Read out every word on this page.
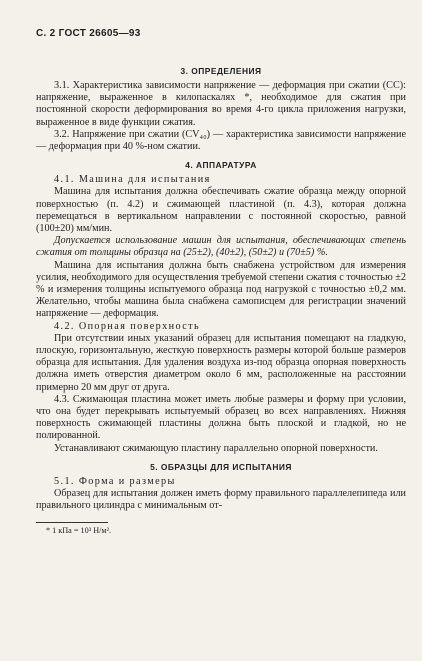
С. 2 ГОСТ 26605—93
3. ОПРЕДЕЛЕНИЯ

3.1. Характеристика зависимости напряжение — деформация при сжатии (CC): напряжение, выраженное в килопаскалях *, необходимое для сжатия при постоянной скорости деформирования во время 4-го цикла приложения нагрузки, выраженное в виде функции сжатия.

3.2. Напряжение при сжатии (CV₄₀) — характеристика зависимости напряжение — деформация при 40 %-ном сжатии.

4. АППАРАТУРА

4.1. Машина для испытания

Машина для испытания должна обеспечивать сжатие образца между опорной поверхностью (п. 4.2) и сжимающей пластиной (п. 4.3), которая должна перемещаться в вертикальном направлении с постоянной скоростью, равной (100±20) мм/мин.

Допускается использование машин для испытания, обеспечивающих степень сжатия от толщины образца на (25±2), (40±2), (50±2) и (70±5) %.

Машина для испытания должна быть снабжена устройством для измерения усилия, необходимого для осуществления требуемой степени сжатия с точностью ±2 % и измерения толщины испытуемого образца под нагрузкой с точностью ±0,2 мм. Желательно, чтобы машина была снабжена самописцем для регистрации значений напряжение — деформация.

4.2. Опорная поверхность

При отсутствии иных указаний образец для испытания помещают на гладкую, плоскую, горизонтальную, жесткую поверхность размеры которой больше размеров образца для испытания. Для удаления воздуха из-под образца опорная поверхность должна иметь отверстия диаметром около 6 мм, расположенные на расстоянии примерно 20 мм друг от друга.

4.3. Сжимающая пластина может иметь любые размеры и форму при условии, что она будет перекрывать испытуемый образец во всех направлениях. Нижняя поверхность сжимающей пластины должна быть плоской и гладкой, но не полированной.

Устанавливают сжимающую пластину параллельно опорной поверхности.

5. ОБРАЗЦЫ ДЛЯ ИСПЫТАНИЯ

5.1. Форма и размеры

Образец для испытания должен иметь форму правильного параллелепипеда или правильного цилиндра с минимальным от-

* 1 кПа = 10³ Н/м².
